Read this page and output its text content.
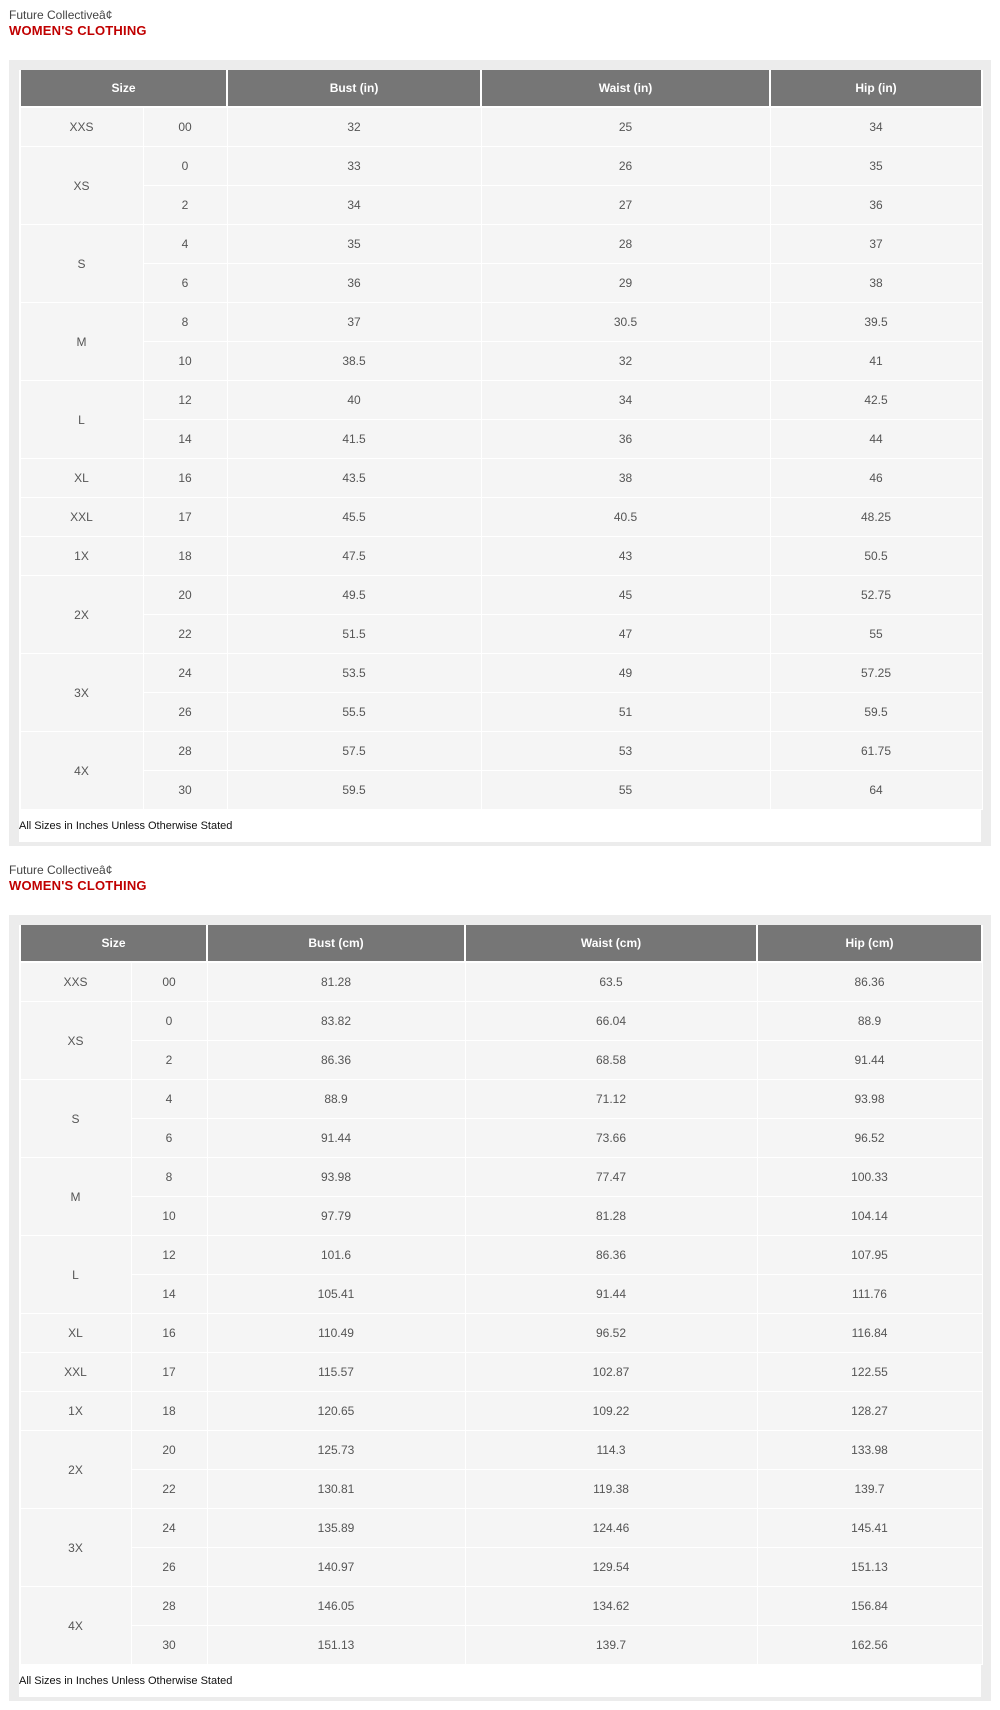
Future Collectiveâ¢
WOMEN'S CLOTHING
Size		Bust (in)	Waist (in)	Hip (in)
XXS	00	32	25	34
XS	0	33	26	35
	2	34	27	36
S	4	35	28	37
	6	36	29	38
M	8	37	30.5	39.5
	10	38.5	32	41
L	12	40	34	42.5
	14	41.5	36	44
XL	16	43.5	38	46
XXL	17	45.5	40.5	48.25
1X	18	47.5	43	50.5
2X	20	49.5	45	52.75
	22	51.5	47	55
3X	24	53.5	49	57.25
	26	55.5	51	59.5
4X	28	57.5	53	61.75
	30	59.5	55	64
All Sizes in Inches Unless Otherwise Stated
Future Collectiveâ¢
WOMEN'S CLOTHING
Size		Bust (cm)	Waist (cm)	Hip (cm)
XXS	00	81.28	63.5	86.36
XS	0	83.82	66.04	88.9
	2	86.36	68.58	91.44
S	4	88.9	71.12	93.98
	6	91.44	73.66	96.52
M	8	93.98	77.47	100.33
	10	97.79	81.28	104.14
L	12	101.6	86.36	107.95
	14	105.41	91.44	111.76
XL	16	110.49	96.52	116.84
XXL	17	115.57	102.87	122.55
1X	18	120.65	109.22	128.27
2X	20	125.73	114.3	133.98
	22	130.81	119.38	139.7
3X	24	135.89	124.46	145.41
	26	140.97	129.54	151.13
4X	28	146.05	134.62	156.84
	30	151.13	139.7	162.56
All Sizes in Inches Unless Otherwise Stated
